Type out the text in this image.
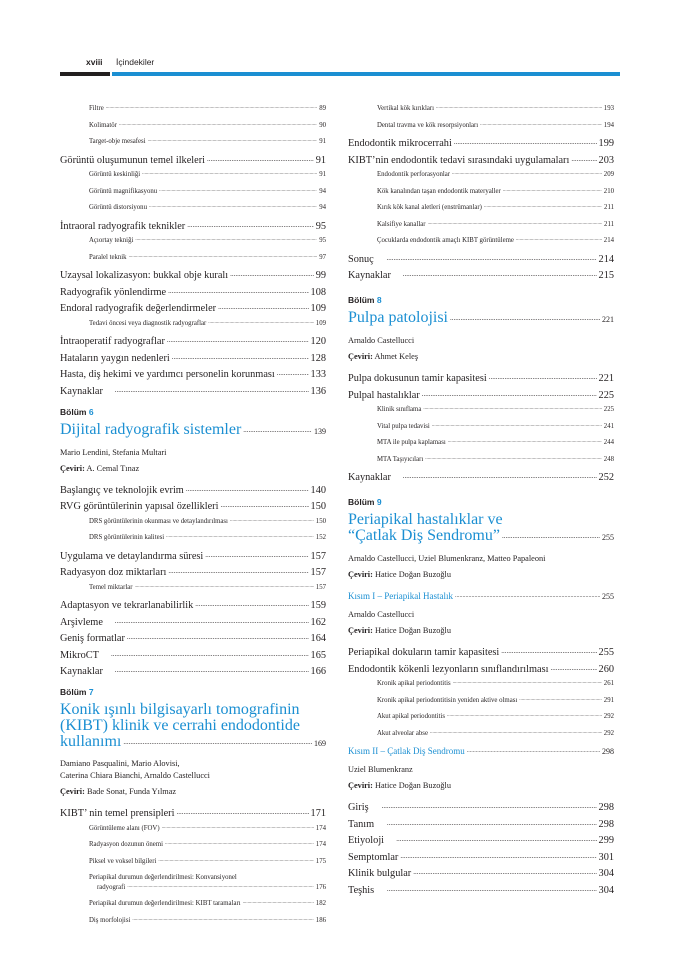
xviii İçindekiler
Filtre .....	89
Kolimatör .....	90
Target-obje mesafesi .....	91
Görüntü oluşumunun temel ilkeleri .....	91
Görüntü keskinliği .....	91
Görüntü magnifikasyonu .....	94
Görüntü distorsiyonu .....	94
İntraoral radyografik teknikler .....	95
Açıortay tekniği .....	95
Paralel teknik .....	97
Uzaysal lokalizasyon: bukkal obje kuralı .....	99
Radyografik yönlendirme .....	108
Endoral radyografik değerlendirmeler .....	109
Tedavi öncesi veya diagnostik radyograflar .....	109
İntraoperatif radyograflar .....	120
Hataların yaygın nedenleri .....	128
Hasta, diş hekimi ve yardımcı personelin korunması .....	133
Kaynaklar .....	136
Bölüm 6
Dijital radyografik sistemler .....	139
Mario Lendini, Stefania Multari
Çeviri: A. Cemal Tınaz
Başlangıç ve teknolojik evrim .....	140
RVG görüntülerinin yapısal özellikleri .....	150
DRS görüntülerinin okunması ve detaylandırılması .....	150
DRS görüntülerinin kalitesi .....	152
Uygulama ve detaylandırma süresi .....	157
Radyasyon doz miktarları .....	157
Temel miktarlar .....	157
Adaptasyon ve tekrarlanabilirlik .....	159
Arşivleme .....	162
Geniş formatlar .....	164
MikroCT .....	165
Kaynaklar .....	166
Bölüm 7
Konik ışınlı bilgisayarlı tomografinin
(KIBT) klinik ve cerrahi endodontide
kullanımı .....	169
Damiano Pasqualini, Mario Alovisi,
Caterina Chiara Bianchi, Arnaldo Castellucci
Çeviri: Bade Sonat, Funda Yılmaz
KIBT’ nin temel prensipleri .....	171
Görüntüleme alanı (FOV) .....	174
Radyasyon dozunun önemi .....	174
Piksel ve voksel bilgileri .....	175
Periapikal durumun değerlendirilmesi: Konvansiyonel
radyografi .....	176
Periapikal durumun değerlendirilmesi: KIBT taramaları .....	182
Diş morfolojisi .....	186
Vertikal kök kırıkları .....	193
Dental travma ve kök resorpsiyonları .....	194
Endodontik mikrocerrahi .....	199
KIBT’nin endodontik tedavi sırasındaki uygulamaları .....	203
Endodontik perforasyonlar .....	209
Kök kanalından taşan endodontik materyaller .....	210
Kırık kök kanal aletleri (enstrümanlar) .....	211
Kalsifiye kanallar .....	211
Çocuklarda endodontik amaçlı KIBT görüntüleme .....	214
Sonuç .....	214
Kaynaklar .....	215
Bölüm 8
Pulpa patolojisi .....	221
Arnaldo Castellucci
Çeviri: Ahmet Keleş
Pulpa dokusunun tamir kapasitesi .....	221
Pulpal hastalıklar .....	225
Klinik sınıflama .....	225
Vital pulpa tedavisi .....	241
MTA ile pulpa kaplaması .....	244
MTA Taşıyıcıları .....	248
Kaynaklar .....	252
Bölüm 9
Periapikal hastalıklar ve
“Çatlak Diş Sendromu” .....	255
Arnaldo Castellucci, Uziel Blumenkranz, Matteo Papaleoni
Çeviri: Hatice Doğan Buzoğlu
Kısım I – Periapikal Hastalık .....	255
Arnaldo Castellucci
Çeviri: Hatice Doğan Buzoğlu
Periapikal dokuların tamir kapasitesi .....	255
Endodontik kökenli lezyonların sınıflandırılması .....	260
Kronik apikal periodontitis .....	261
Kronik apikal periodontitisin yeniden aktive olması .....	291
Akut apikal periodontitis .....	292
Akut alveolar abse .....	292
Kısım II – Çatlak Diş Sendromu .....	298
Uziel Blumenkranz
Çeviri: Hatice Doğan Buzoğlu
Giriş .....	298
Tanım .....	298
Etiyoloji .....	299
Semptomlar .....	301
Klinik bulgular .....	304
Teşhis .....	304
